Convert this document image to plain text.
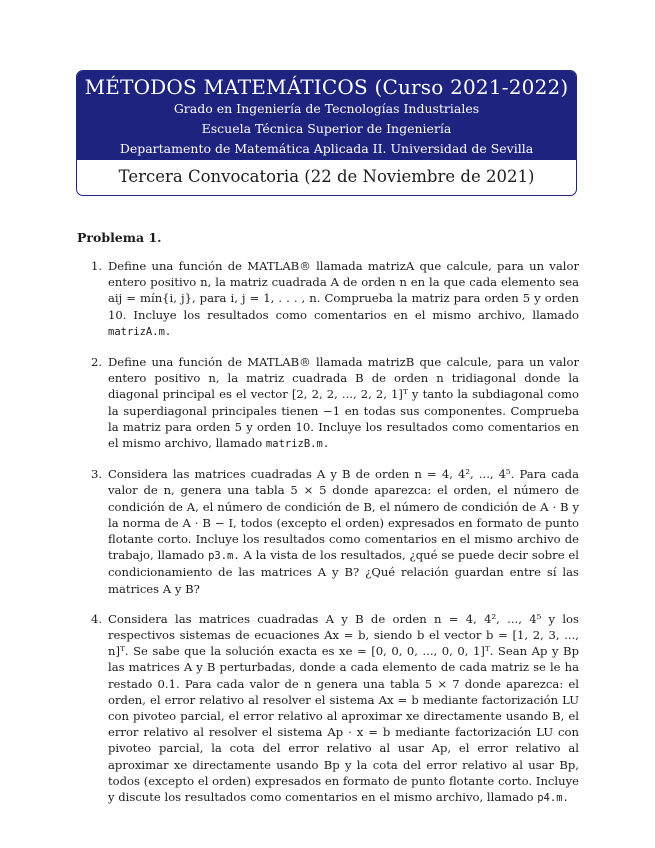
MÉTODOS MATEMÁTICOS (Curso 2021-2022)
Grado en Ingeniería de Tecnologías Industriales
Escuela Técnica Superior de Ingeniería
Departamento de Matemática Aplicada II. Universidad de Sevilla
Tercera Convocatoria (22 de Noviembre de 2021)
Problema 1.
1. Define una función de MATLAB® llamada matrizA que calcule, para un valor entero positivo n, la matriz cuadrada A de orden n en la que cada elemento sea aij = mín{i, j}, para i, j = 1, . . . , n. Comprueba la matriz para orden 5 y orden 10. Incluye los resultados como comentarios en el mismo archivo, llamado matrizA.m.
2. Define una función de MATLAB® llamada matrizB que calcule, para un valor entero positivo n, la matriz cuadrada B de orden n tridiagonal donde la diagonal principal es el vector [2, 2, 2, ..., 2, 2, 1]ᵀ y tanto la subdiagonal como la superdiagonal principales tienen −1 en todas sus componentes. Comprueba la matriz para orden 5 y orden 10. Incluye los resultados como comentarios en el mismo archivo, llamado matrizB.m.
3. Considera las matrices cuadradas A y B de orden n = 4, 4², ..., 4⁵. Para cada valor de n, genera una tabla 5 × 5 donde aparezca: el orden, el número de condición de A, el número de condición de B, el número de condición de A · B y la norma de A · B − I, todos (excepto el orden) expresados en formato de punto flotante corto. Incluye los resultados como comentarios en el mismo archivo de trabajo, llamado p3.m. A la vista de los resultados, ¿qué se puede decir sobre el condicionamiento de las matrices A y B? ¿Qué relación guardan entre sí las matrices A y B?
4. Considera las matrices cuadradas A y B de orden n = 4, 4², ..., 4⁵ y los respectivos sistemas de ecuaciones Ax = b, siendo b el vector b = [1, 2, 3, ..., n]ᵀ. Se sabe que la solución exacta es xe = [0, 0, 0, ..., 0, 0, 1]ᵀ. Sean Ap y Bp las matrices A y B perturbadas, donde a cada elemento de cada matriz se le ha restado 0.1. Para cada valor de n genera una tabla 5 × 7 donde aparezca: el orden, el error relativo al resolver el sistema Ax = b mediante factorización LU con pivoteo parcial, el error relativo al aproximar xe directamente usando B, el error relativo al resolver el sistema Ap · x = b mediante factorización LU con pivoteo parcial, la cota del error relativo al usar Ap, el error relativo al aproximar xe directamente usando Bp y la cota del error relativo al usar Bp, todos (excepto el orden) expresados en formato de punto flotante corto. Incluye y discute los resultados como comentarios en el mismo archivo, llamado p4.m.
